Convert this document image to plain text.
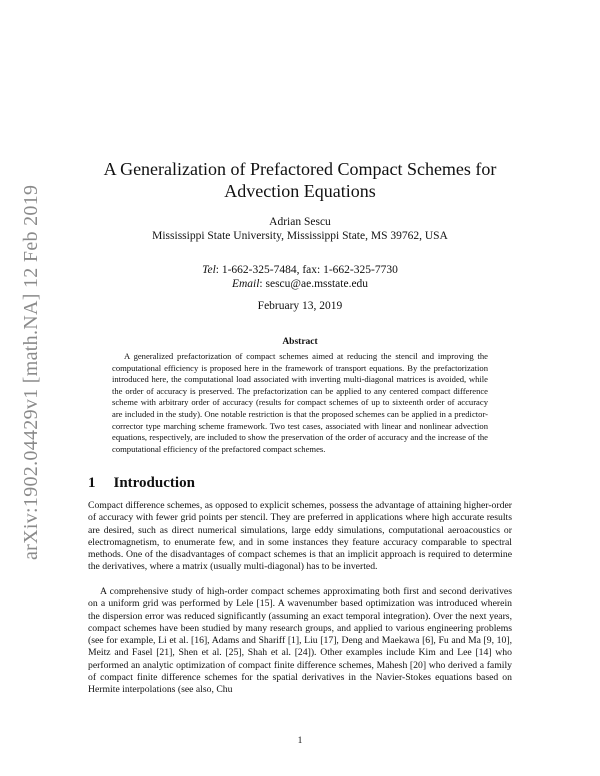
arXiv:1902.04429v1 [math.NA] 12 Feb 2019
A Generalization of Prefactored Compact Schemes for
Advection Equations
Adrian Sescu
Mississippi State University, Mississippi State, MS 39762, USA
Tel: 1-662-325-7484, fax: 1-662-325-7730
Email: sescu@ae.msstate.edu
February 13, 2019
Abstract
A generalized prefactorization of compact schemes aimed at reducing the stencil and improving the computational efficiency is proposed here in the framework of transport equations. By the prefactorization introduced here, the computational load associated with inverting multi-diagonal matrices is avoided, while the order of accuracy is preserved. The prefactorization can be applied to any centered compact difference scheme with arbitrary order of accuracy (results for compact schemes of up to sixteenth order of accuracy are included in the study). One notable restriction is that the proposed schemes can be applied in a predictor-corrector type marching scheme framework. Two test cases, associated with linear and nonlinear advection equations, respectively, are included to show the preservation of the order of accuracy and the increase of the computational efficiency of the prefactored compact schemes.
1 Introduction
Compact difference schemes, as opposed to explicit schemes, possess the advantage of attaining higher-order of accuracy with fewer grid points per stencil. They are preferred in applications where high accurate results are desired, such as direct numerical simulations, large eddy simulations, computational aeroacoustics or electromagnetism, to enumerate few, and in some instances they feature accuracy comparable to spectral methods. One of the disadvantages of compact schemes is that an implicit approach is required to determine the derivatives, where a matrix (usually multi-diagonal) has to be inverted.
A comprehensive study of high-order compact schemes approximating both first and second derivatives on a uniform grid was performed by Lele [15]. A wavenumber based optimization was introduced wherein the dispersion error was reduced significantly (assuming an exact temporal integration). Over the next years, compact schemes have been studied by many research groups, and applied to various engineering problems (see for example, Li et al. [16], Adams and Shariff [1], Liu [17], Deng and Maekawa [6], Fu and Ma [9, 10], Meitz and Fasel [21], Shen et al. [25], Shah et al. [24]). Other examples include Kim and Lee [14] who performed an analytic optimization of compact finite difference schemes, Mahesh [20] who derived a family of compact finite difference schemes for the spatial derivatives in the Navier-Stokes equations based on Hermite interpolations (see also, Chu
1
